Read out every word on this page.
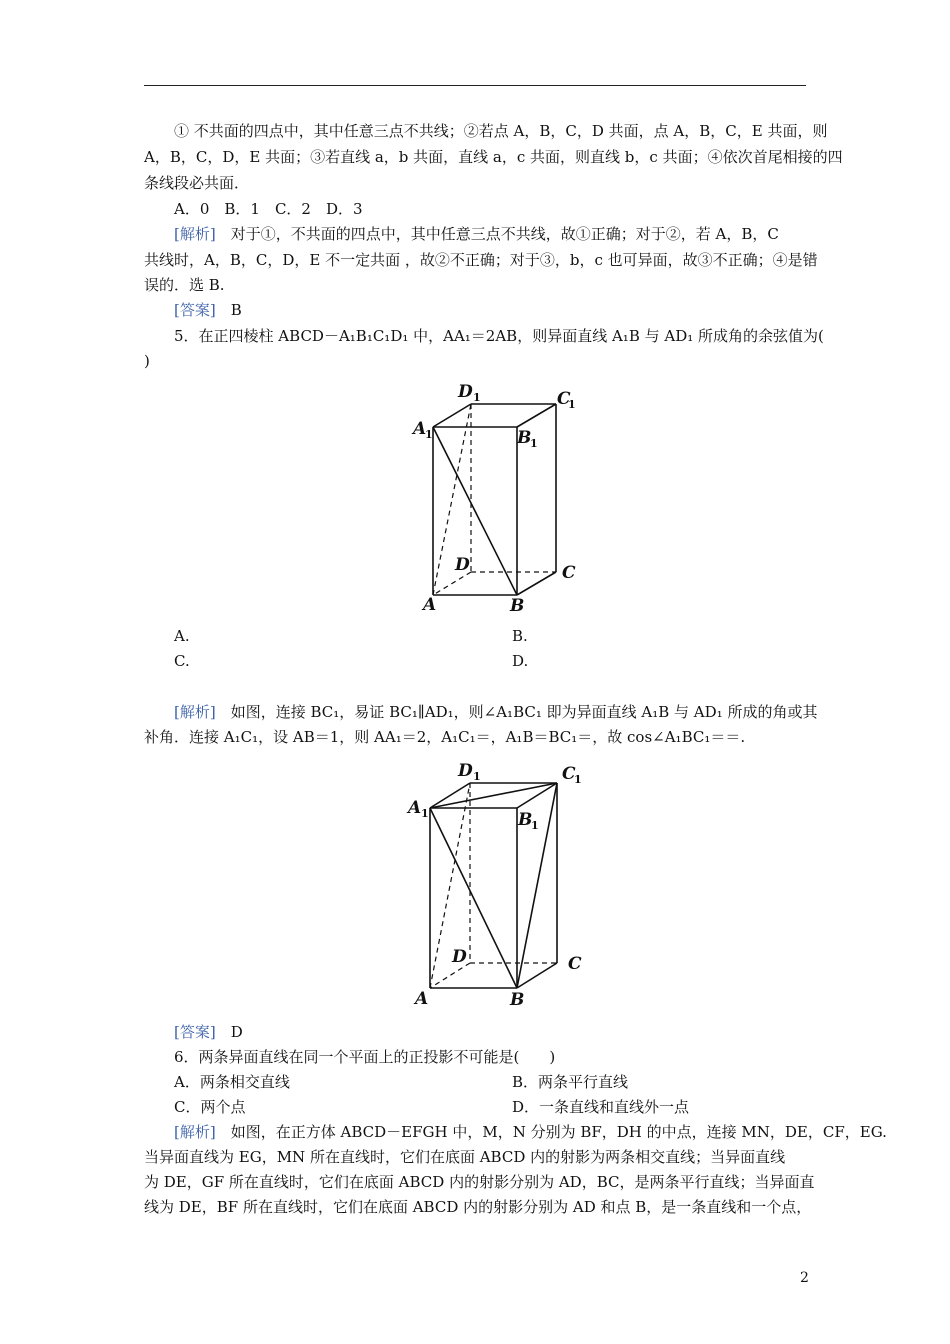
① 不共面的四点中，其中任意三点不共线；②若点 A，B，C，D 共面，点 A，B，C，E 共面，则
A，B，C，D，E 共面；③若直线 a，b 共面，直线 a，c 共面，则直线 b，c 共面；④依次首尾相接的四
条线段必共面．
A．0　B．1　C．2　D．3
[解析]　 对于①，不共面的四点中，其中任意三点不共线，故①正确；对于②，若 A，B，C
共线时，A，B，C，D，E 不一定共面 ，故②不正确；对于③，b，c 也可异面，故③不正确；④是错
误的．选 B.
[答案]　 B
5．在正四棱柱 ABCD－A₁B₁C₁D₁ 中，AA₁＝2AB，则异面直线 A₁B 与 AD₁ 所成角的余弦值为(
)
D 1	C
1
A
1	B
1
D	C
A	B
A.	B.
C.	D.
[解析]　 如图，连接 BC₁，易证 BC₁∥AD₁，则∠A₁BC₁ 即为异面直线 A₁B 与 AD₁ 所成的角或其
补角．连接 A₁C₁，设 AB＝1，则 AA₁＝2，A₁C₁＝，A₁B＝BC₁＝，故 cos∠A₁BC₁＝＝.
D 1	C
1
A 1	B
1
D	C
A	B
[答案]　 D
6．两条异面直线在同一个平面上的正投影不可能是(　　)
A．两条相交直线	B．两条平行直线
C．两个点	D．一条直线和直线外一点
[解析]　 如图，在正方体 ABCD－EFGH 中，M，N 分别为 BF，DH 的中点，连接 MN，DE，CF，EG.
当异面直线为 EG，MN 所在直线时，它们在底面 ABCD 内的射影为两条相交直线；当异面直线
为 DE，GF 所在直线时，它们在底面 ABCD 内的射影分别为 AD，BC，是两条平行直线；当异面直
线为 DE，BF 所在直线时，它们在底面 ABCD 内的射影分别为 AD 和点 B，是一条直线和一个点，
2
